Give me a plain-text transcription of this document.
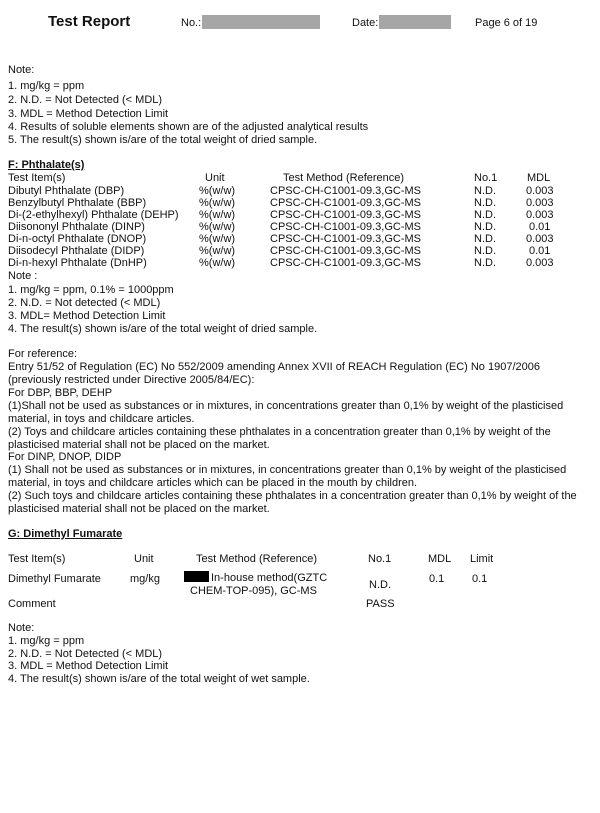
Test Report	No.:	Date:	Page 6 of 19
Note:
1. mg/kg = ppm
2. N.D. = Not Detected (< MDL)
3. MDL = Method Detection Limit
4. Results of soluble elements shown are of the adjusted analytical results
5. The result(s) shown is/are of the total weight of dried sample.
F: Phthalate(s)
Test Item(s)	Unit	Test Method (Reference)	No.1	MDL
Dibutyl Phthalate (DBP)	%(w/w)	CPSC-CH-C1001-09.3,GC-MS	N.D.	0.003
Benzylbutyl Phthalate (BBP)	%(w/w)	CPSC-CH-C1001-09.3,GC-MS	N.D.	0.003
Di-(2-ethylhexyl) Phthalate (DEHP) %(w/w)	CPSC-CH-C1001-09.3,GC-MS	N.D.	0.003
Diisononyl Phthalate (DINP)	%(w/w)	CPSC-CH-C1001-09.3,GC-MS	N.D.	0.01
Di-n-octyl Phthalate (DNOP)	%(w/w)	CPSC-CH-C1001-09.3,GC-MS	N.D.	0.003
Diisodecyl Phthalate (DIDP)	%(w/w)	CPSC-CH-C1001-09.3,GC-MS	N.D.	0.01
Di-n-hexyl Phthalate (DnHP)	%(w/w)	CPSC-CH-C1001-09.3,GC-MS	N.D.	0.003
Note :
1. mg/kg = ppm, 0.1% = 1000ppm
2. N.D. = Not detected (< MDL)
3. MDL= Method Detection Limit
4. The result(s) shown is/are of the total weight of dried sample.
For reference:
Entry 51/52 of Regulation (EC) No 552/2009 amending Annex XVII of REACH Regulation (EC) No 1907/2006
(previously restricted under Directive 2005/84/EC):
For DBP, BBP, DEHP
(1)Shall not be used as substances or in mixtures, in concentrations greater than 0,1% by weight of the plasticised
material, in toys and childcare articles.
(2) Toys and childcare articles containing these phthalates in a concentration greater than 0,1% by weight of the
plasticised material shall not be placed on the market.
For DINP, DNOP, DIDP
(1) Shall not be used as substances or in mixtures, in concentrations greater than 0,1% by weight of the plasticised
material, in toys and childcare articles which can be placed in the mouth by children.
(2) Such toys and childcare articles containing these phthalates in a concentration greater than 0,1% by weight of the
plasticised material shall not be placed on the market.
G: Dimethyl Fumarate
Test Item(s)	Unit	Test Method (Reference)	No.1	MDL Limit
Dimethyl Fumarate	mg/kg	In-house method(GZTC
CHEM-TOP-095), GC-MS	N.D.	0.1	0.1
Comment	PASS
Note:
1. mg/kg = ppm
2. N.D. = Not Detected (< MDL)
3. MDL = Method Detection Limit
4. The result(s) shown is/are of the total weight of wet sample.
